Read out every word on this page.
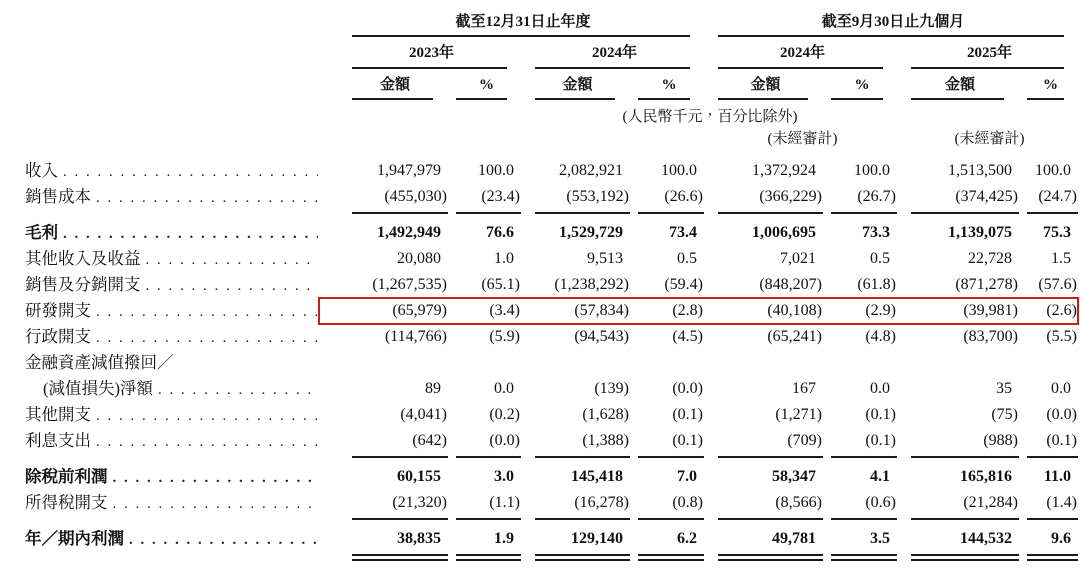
截至12月31日止年度	截至9月30日止九個月
2023年	2024年	2024年	2025年
金額	%	金額	%	金額	%	金額	%
(人民幣千元，百分比除外)
(未經審計)	(未經審計)
收入 . . .	1,947,979	100.0	2,082,921	100.0	1,372,924	100.0	1,513,500	100.0
銷售成本 . . .	(455,030)	(23.4)	(553,192)	(26.6)	(366,229)	(26.7)	(374,425)	(24.7)
毛利 . . .	1,492,949	76.6	1,529,729	73.4	1,006,695	73.3	1,139,075	75.3
其他收入及收益 . . .	20,080	1.0	9,513	0.5	7,021	0.5	22,728	1.5
銷售及分銷開支 . . .	(1,267,535)	(65.1)	(1,238,292)	(59.4)	(848,207)	(61.8)	(871,278)	(57.6)
研發開支 . . .	(65,979)	(3.4)	(57,834)	(2.8)	(40,108)	(2.9)	(39,981)	(2.6)
行政開支 . . .	(114,766)	(5.9)	(94,543)	(4.5)	(65,241)	(4.8)	(83,700)	(5.5)
金融資產減值撥回／
(減值損失)淨額 . . .	89	0.0	(139)	(0.0)	167	0.0	35	0.0
其他開支 . . .	(4,041)	(0.2)	(1,628)	(0.1)	(1,271)	(0.1)	(75)	(0.0)
利息支出 . . .	(642)	(0.0)	(1,388)	(0.1)	(709)	(0.1)	(988)	(0.1)
除稅前利潤 . . .	60,155	3.0	145,418	7.0	58,347	4.1	165,816	11.0
所得稅開支 . . .	(21,320)	(1.1)	(16,278)	(0.8)	(8,566)	(0.6)	(21,284)	(1.4)
年／期內利潤 . . .	38,835	1.9	129,140	6.2	49,781	3.5	144,532	9.6
